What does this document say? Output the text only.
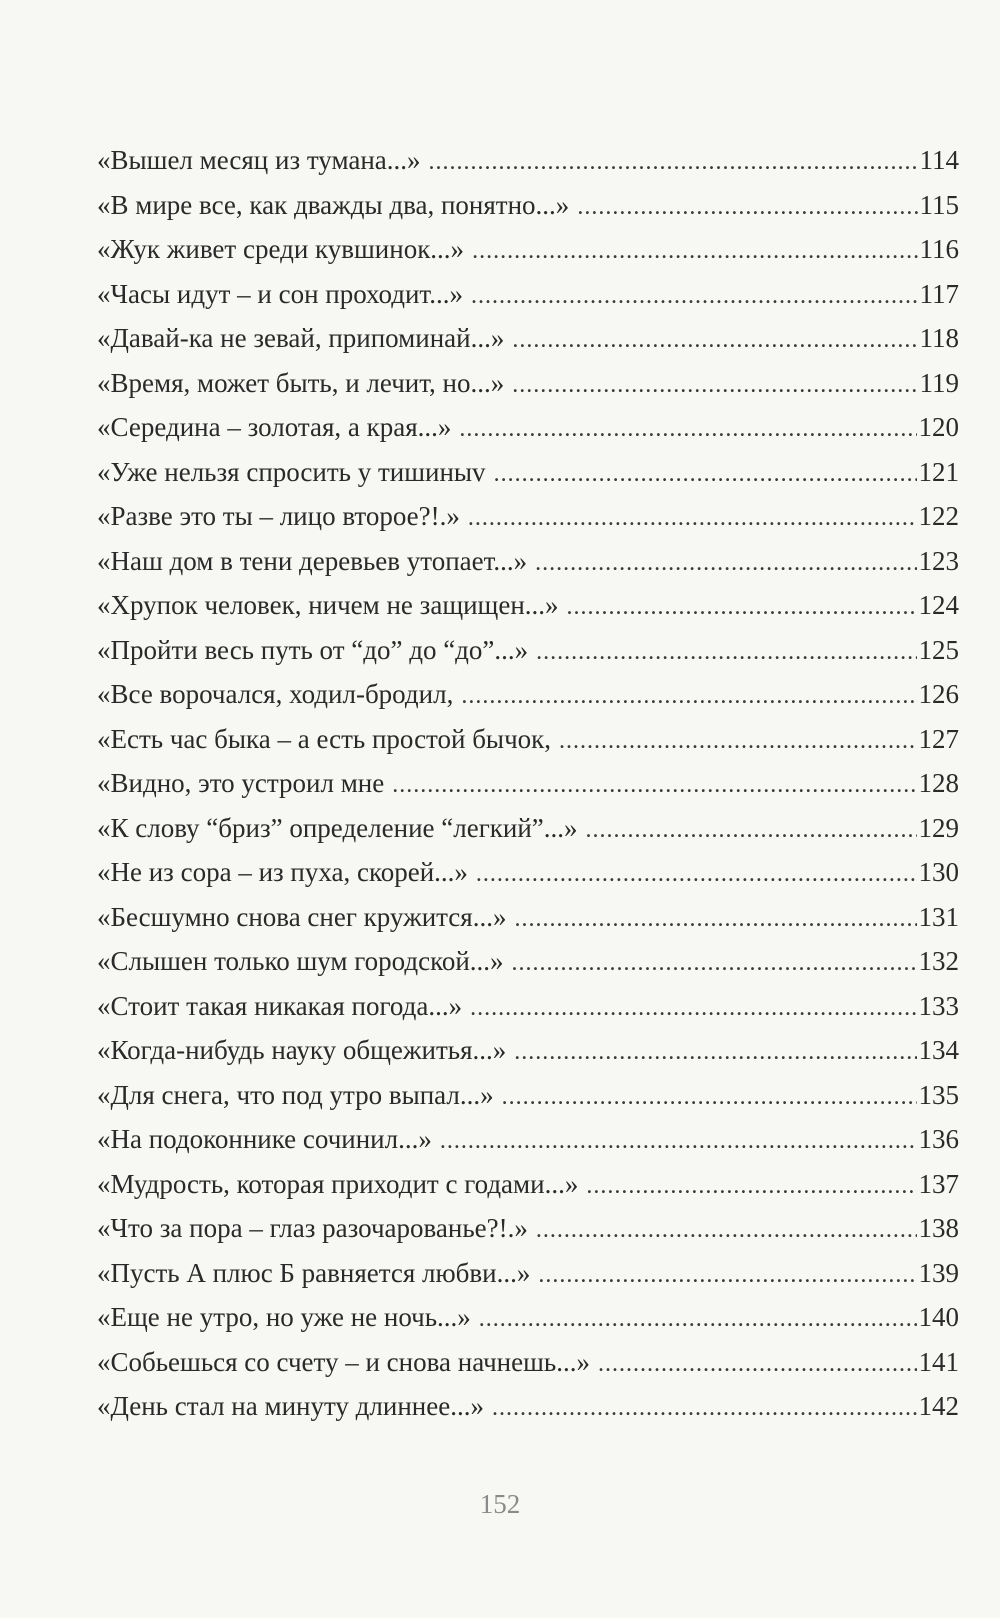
«Вышел месяц из тумана...» .....	114
«В мире все, как дважды два, понятно...» .....	115
«Жук живет среди кувшинок...» .....	116
«Часы идут – и сон проходит...» .....	117
«Давай-ка не зевай, припоминай...» .....	118
«Время, может быть, и лечит, но...» .....	119
«Середина – золотая, а края...» .....	120
«Уже нельзя спросить у тишиныv .....	121
«Разве это ты – лицо второе?!.» .....	122
«Наш дом в тени деревьев утопает...» .....	123
«Хрупок человек, ничем не защищен...» .....	124
«Пройти весь путь от “до” до “до”...» .....	125
«Все ворочался, ходил-бродил, .....	126
«Есть час быка – а есть простой бычок, .....	127
«Видно, это устроил мне .....	128
«К слову “бриз” определение “легкий”...» .....	129
«Не из сора – из пуха, скорей...» .....	130
«Бесшумно снова снег кружится...» .....	131
«Слышен только шум городской...» .....	132
«Стоит такая никакая погода...» .....	133
«Когда-нибудь науку общежитья...» .....	134
«Для снега, что под утро выпал...» .....	135
«На подоконнике сочинил...» .....	136
«Мудрость, которая приходит с годами...» .....	137
«Что за пора – глаз разочарованье?!.» .....	138
«Пусть А плюс Б равняется любви...» .....	139
«Еще не утро, но уже не ночь...» .....	140
«Собьешься со счету – и снова начнешь...» .....	141
«День стал на минуту длиннее...» .....	142
152
